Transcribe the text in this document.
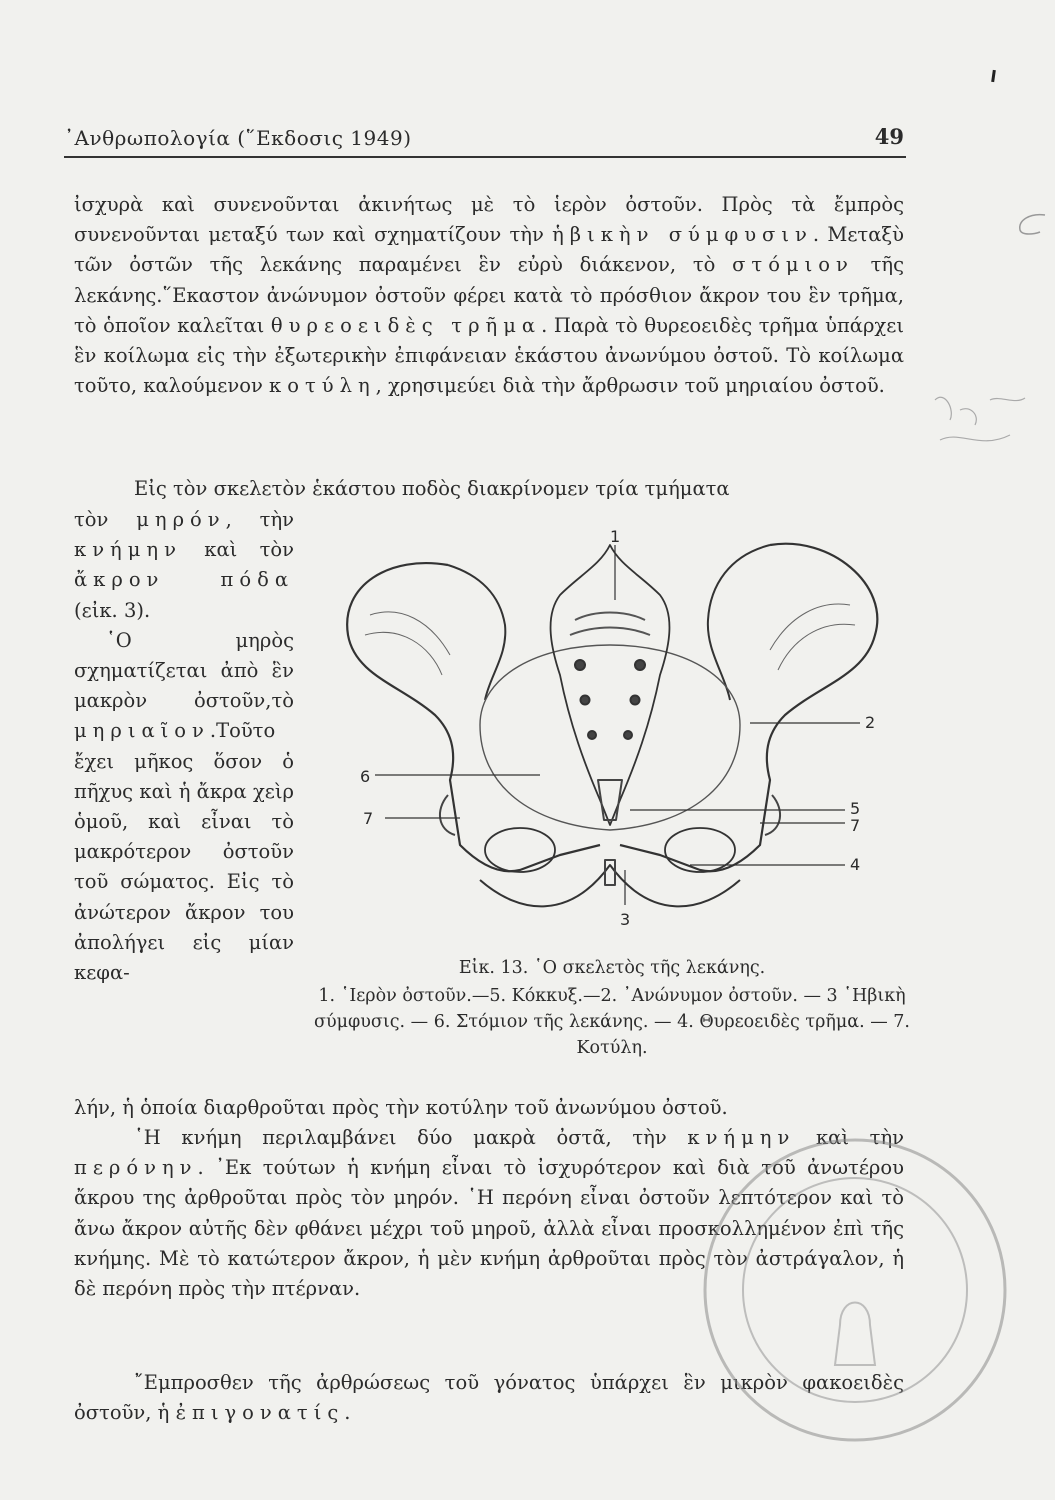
᾿Ανθρωπολογία (῞Εκδοσις 1949)	49

ἰσχυρὰ καὶ συνενοῦνται ἀκινήτως μὲ τὸ ἱερὸν ὀστοῦν. Πρὸς τὰ ἔμπρὸς συνενοῦνται μεταξύ των καὶ σχηματίζουν τὴν ἡβικὴν σύμφυσιν. Μεταξὺ τῶν ὀστῶν τῆς λεκάνης παραμένει ἓν εὐρὺ διάκενον, τὸ στόμιον τῆς λεκάνης.῞Εκαστον ἀνώνυμον ὀστοῦν φέρει κατὰ τὸ πρόσθιον ἄκρον του ἓν τρῆμα, τὸ ὁποῖον καλεῖται θυρεοειδὲς τρῆμα. Παρὰ τὸ θυρεοειδὲς τρῆμα ὑπάρχει ἓν κοίλωμα εἰς τὴν ἐξωτερικὴν ἐπιφάνειαν ἑκάστου ἀνωνύμου ὀστοῦ. Τὸ κοίλωμα τοῦτο, καλούμενον κοτύλη, χρησιμεύει διὰ τὴν ἄρθρωσιν τοῦ μηριαίου ὀστοῦ.

Εἰς τὸν σκελετὸν ἑκάστου ποδὸς διακρίνομεν τρία τμήματα

τὸν μηρόν, τὴν κνήμην καὶ τὸν ἄκρον πόδα (εἰκ. 3).

῾Ο μηρὸς σχηματίζεται ἀπὸ ἓν μακρὸν ὀστοῦν,τὸ μηριαῖον.Τοῦτο ἔχει μῆκος ὅσον ὁ πῆχυς καὶ ἡ ἄκρα χεὶρ ὁμοῦ, καὶ εἶναι τὸ μακρότερον ὀστοῦν τοῦ σώματος. Εἰς τὸ ἀνώτερον ἄκρον του ἀπολήγει εἰς μίαν κεφα-

1
2
3
4
5
6
7	7
Εἰκ. 13. ῾Ο σκελετὸς τῆς λεκάνης.
1. ῾Ιερὸν ὀστοῦν.—5. Κόκκυξ.—2. ᾿Ανώνυμον ὀστοῦν. — 3 ῾Ηβικὴ σύμφυσις. — 6. Στόμιον τῆς λεκάνης. — 4. Θυρεοειδὲς τρῆμα. — 7. Κοτύλη.

λήν, ἡ ὁποία διαρθροῦται πρὸς τὴν κοτύλην τοῦ ἀνωνύμου ὀστοῦ.

῾Η κνήμη περιλαμβάνει δύο μακρὰ ὀστᾶ, τὴν κνήμην καὶ τὴν περόνην. ᾿Εκ τούτων ἡ κνήμη εἶναι τὸ ἰσχυρότερον καὶ διὰ τοῦ ἀνωτέρου ἄκρου της ἀρθροῦται πρὸς τὸν μηρόν. ῾Η περόνη εἶναι ὀστοῦν λεπτότερον καὶ τὸ ἄνω ἄκρον αὐτῆς δὲν φθάνει μέχρι τοῦ μηροῦ, ἀλλὰ εἶναι προσκολλημένον ἐπὶ τῆς κνήμης. Μὲ τὸ κατώτερον ἄκρον, ἡ μὲν κνήμη ἀρθροῦται πρὸς τὸν ἀστράγαλον, ἡ δὲ περόνη πρὸς τὴν πτέρναν.

῎Εμπροσθεν τῆς ἀρθρώσεως τοῦ γόνατος ὑπάρχει ἓν μικρὸν φακοειδὲς ὀστοῦν, ἡ ἐπιγονατίς.
